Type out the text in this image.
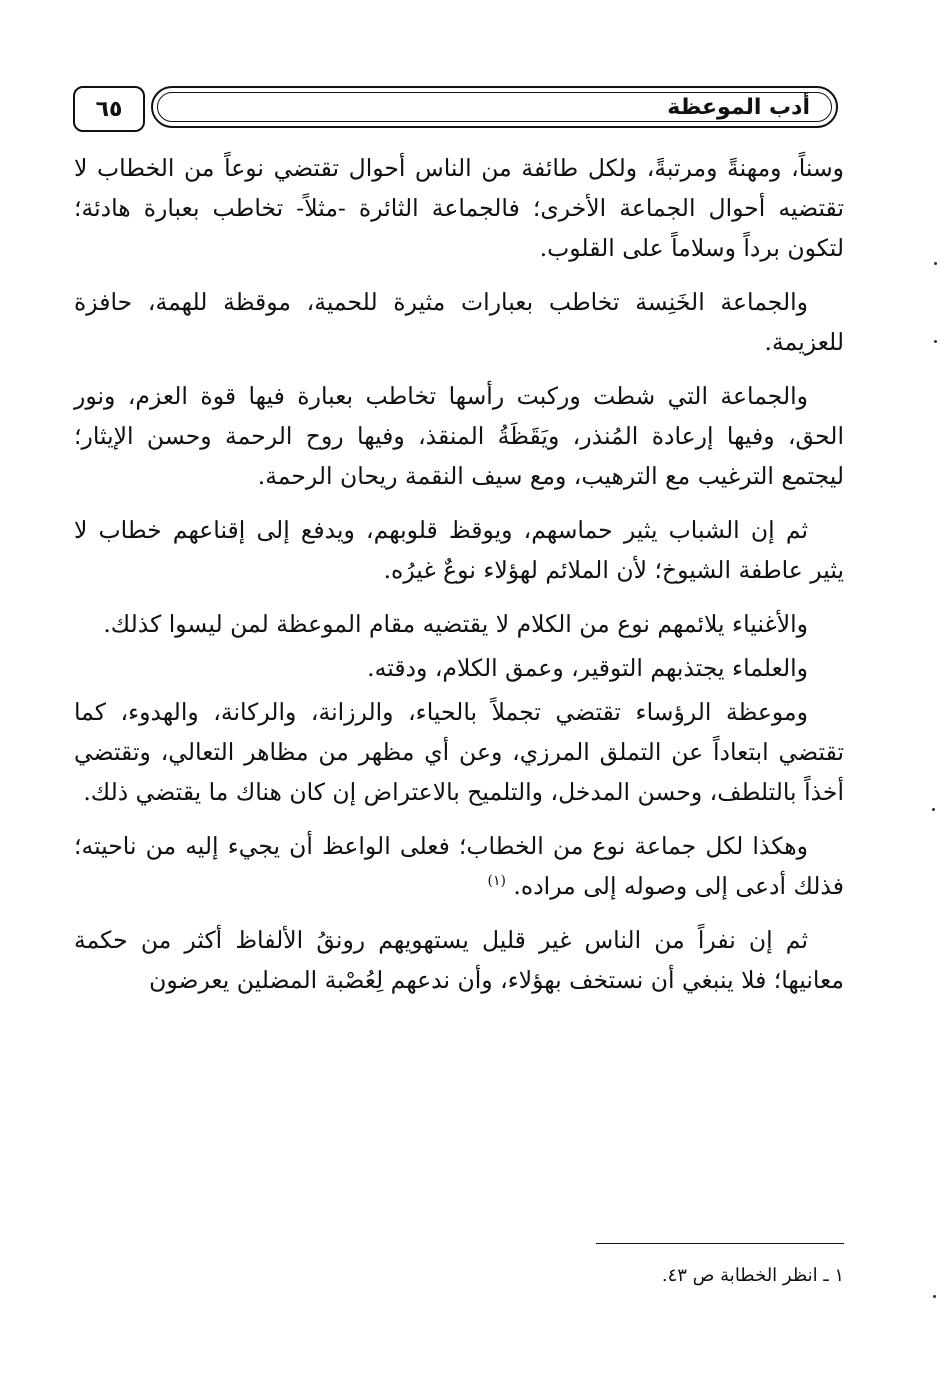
٦٥	أدب الموعظة

وسناً، ومهنةً ومرتبةً، ولكل طائفة من الناس أحوال تقتضي نوعاً من الخطاب لا تقتضيه أحوال الجماعة الأخرى؛ فالجماعة الثائرة -مثلاً- تخاطب بعبارة هادئة؛ لتكون برداً وسلاماً على القلوب.

والجماعة الخَنِسة تخاطب بعبارات مثيرة للحمية، موقظة للهمة، حافزة للعزيمة.

والجماعة التي شطت وركبت رأسها تخاطب بعبارة فيها قوة العزم، ونور الحق، وفيها إرعادة المُنذر، ويَقَظَةُ المنقذ، وفيها روح الرحمة وحسن الإيثار؛ ليجتمع الترغيب مع الترهيب، ومع سيف النقمة ريحان الرحمة.

ثم إن الشباب يثير حماسهم، ويوقظ قلوبهم، ويدفع إلى إقناعهم خطاب لا يثير عاطفة الشيوخ؛ لأن الملائم لهؤلاء نوعٌ غيرُه.

والأغنياء يلائمهم نوع من الكلام لا يقتضيه مقام الموعظة لمن ليسوا كذلك.

والعلماء يجتذبهم التوقير، وعمق الكلام، ودقته.

وموعظة الرؤساء تقتضي تجملاً بالحياء، والرزانة، والركانة، والهدوء، كما تقتضي ابتعاداً عن التملق المرزي، وعن أي مظهر من مظاهر التعالي، وتقتضي أخذاً بالتلطف، وحسن المدخل، والتلميح بالاعتراض إن كان هناك ما يقتضي ذلك.

وهكذا لكل جماعة نوع من الخطاب؛ فعلى الواعظ أن يجيء إليه من ناحيته؛ فذلك أدعى إلى وصوله إلى مراده. $^{(١)}$

ثم إن نفراً من الناس غير قليل يستهويهم رونقُ الألفاظ أكثر من حكمة معانيها؛ فلا ينبغي أن نستخف بهؤلاء، وأن ندعهم لِعُصْبة المضلين يعرضون

١ ـ انظر الخطابة ص ٤٣.
